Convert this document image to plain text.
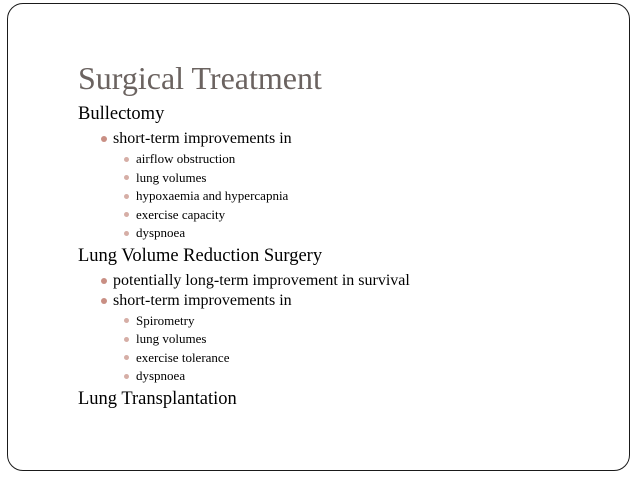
Surgical Treatment
Bullectomy
short-term improvements in
airflow obstruction
lung volumes
hypoxaemia and hypercapnia
exercise capacity
dyspnoea
Lung Volume Reduction Surgery
potentially long-term improvement in survival
short-term improvements in
Spirometry
lung volumes
exercise tolerance
dyspnoea
Lung Transplantation
